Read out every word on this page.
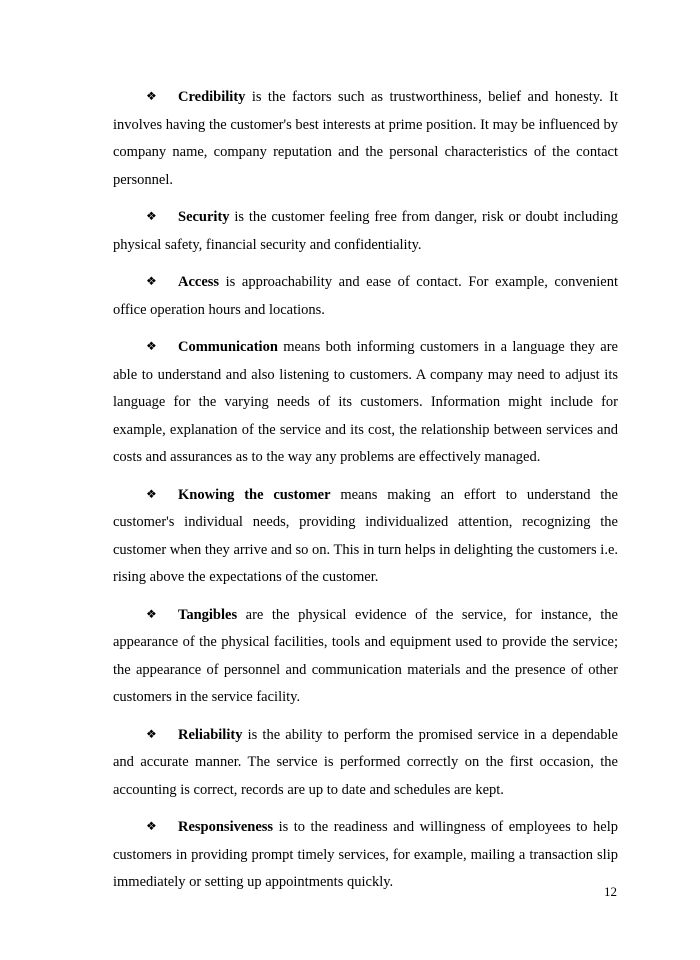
❖ Credibility is the factors such as trustworthiness, belief and honesty. It involves having the customer's best interests at prime position. It may be influenced by company name, company reputation and the personal characteristics of the contact personnel.

❖ Security is the customer feeling free from danger, risk or doubt including physical safety, financial security and confidentiality.

❖ Access is approachability and ease of contact. For example, convenient office operation hours and locations.

❖ Communication means both informing customers in a language they are able to understand and also listening to customers. A company may need to adjust its language for the varying needs of its customers. Information might include for example, explanation of the service and its cost, the relationship between services and costs and assurances as to the way any problems are effectively managed.

❖ Knowing the customer means making an effort to understand the customer's individual needs, providing individualized attention, recognizing the customer when they arrive and so on. This in turn helps in delighting the customers i.e. rising above the expectations of the customer.

❖ Tangibles are the physical evidence of the service, for instance, the appearance of the physical facilities, tools and equipment used to provide the service; the appearance of personnel and communication materials and the presence of other customers in the service facility.

❖ Reliability is the ability to perform the promised service in a dependable and accurate manner. The service is performed correctly on the first occasion, the accounting is correct, records are up to date and schedules are kept.

❖ Responsiveness is to the readiness and willingness of employees to help customers in providing prompt timely services, for example, mailing a transaction slip immediately or setting up appointments quickly.

12
